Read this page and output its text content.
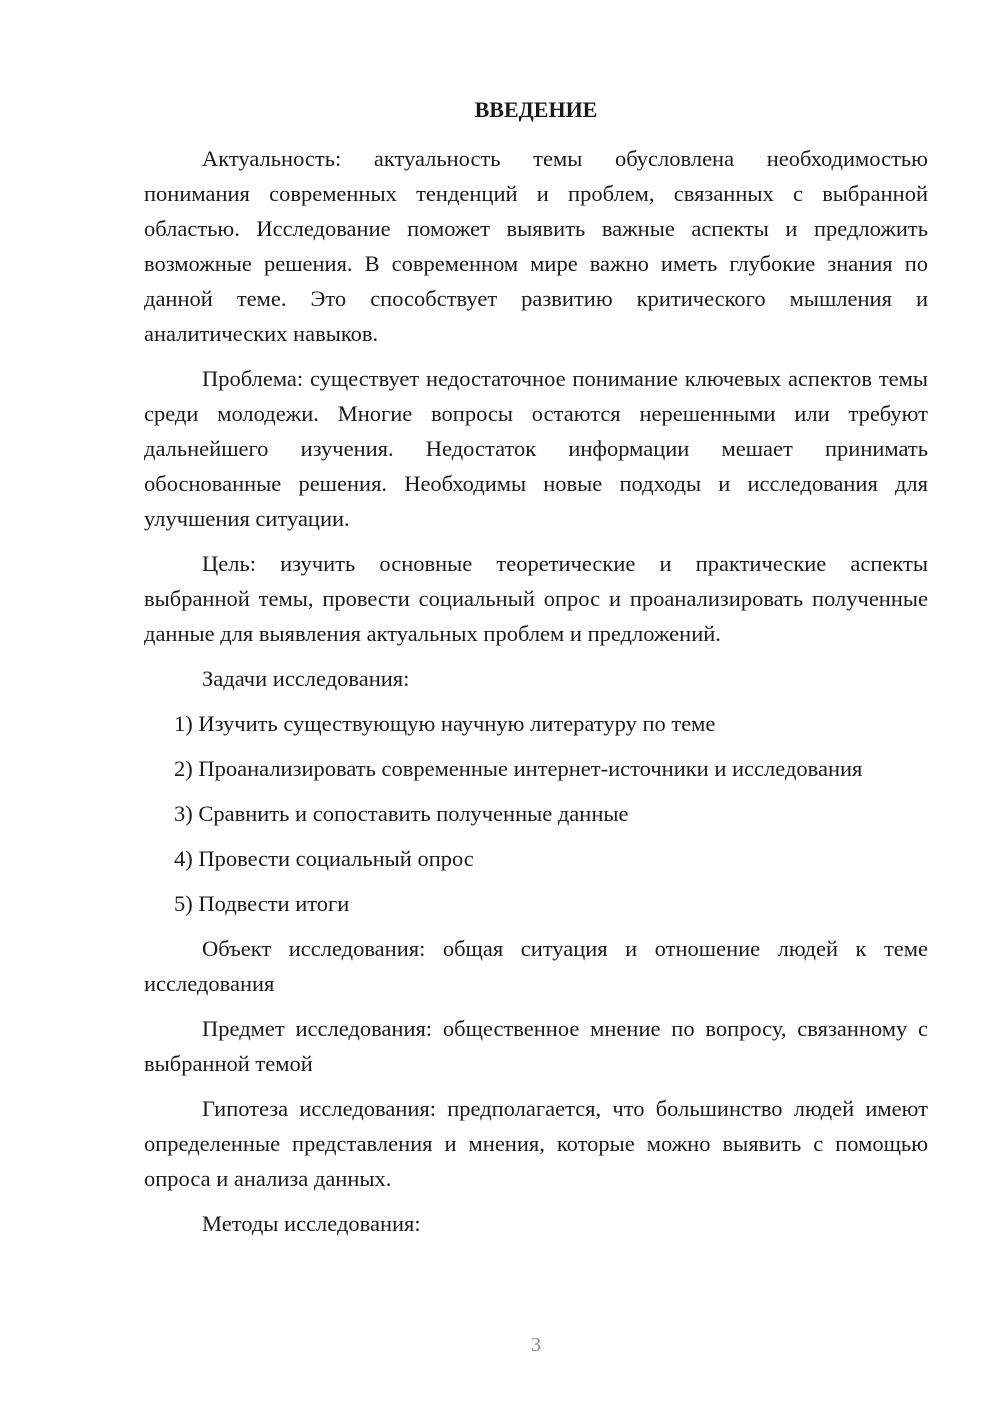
ВВЕДЕНИЕ

Актуальность: актуальность темы обусловлена необходимостью понимания современных тенденций и проблем, связанных с выбранной областью. Исследование поможет выявить важные аспекты и предложить возможные решения. В современном мире важно иметь глубокие знания по данной теме. Это способствует развитию критического мышления и аналитических навыков.

Проблема: существует недостаточное понимание ключевых аспектов темы среди молодежи. Многие вопросы остаются нерешенными или требуют дальнейшего изучения. Недостаток информации мешает принимать обоснованные решения. Необходимы новые подходы и исследования для улучшения ситуации.

Цель: изучить основные теоретические и практические аспекты выбранной темы, провести социальный опрос и проанализировать полученные данные для выявления актуальных проблем и предложений.

Задачи исследования:

1) Изучить существующую научную литературу по теме

2) Проанализировать современные интернет-источники и исследования

3) Сравнить и сопоставить полученные данные

4) Провести социальный опрос

5) Подвести итоги

Объект исследования: общая ситуация и отношение людей к теме исследования

Предмет исследования: общественное мнение по вопросу, связанному с выбранной темой

Гипотеза исследования: предполагается, что большинство людей имеют определенные представления и мнения, которые можно выявить с помощью опроса и анализа данных.

Методы исследования:

3
